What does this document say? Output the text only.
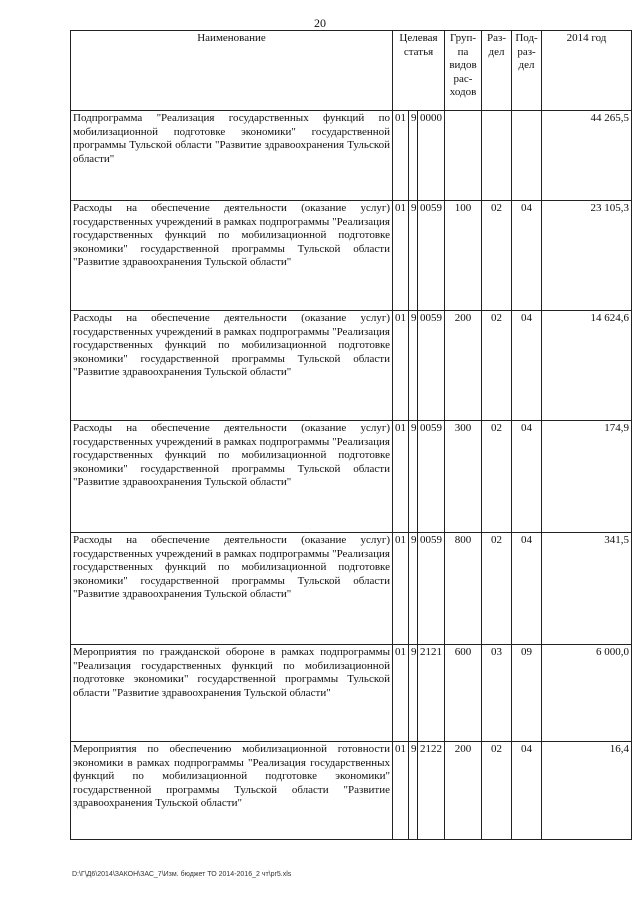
20
Наименование	Целевая статья			Груп-па видов рас-ходов	Раз-дел	Под-раз-дел	2014 год
Подпрограмма "Реализация государственных функций по мобилизационной подготовке экономики" государственной программы Тульской области "Развитие здравоохранения Тульской области"	01	9	0000				44 265,5
Расходы на обеспечение деятельности (оказание услуг) государственных учреждений в рамках подпрограммы "Реализация государственных функций по мобилизационной подготовке экономики" государственной программы Тульской области "Развитие здравоохранения Тульской области"	01	9	0059	100	02	04	23 105,3
Расходы на обеспечение деятельности (оказание услуг) государственных учреждений в рамках подпрограммы "Реализация государственных функций по мобилизационной подготовке экономики" государственной программы Тульской области "Развитие здравоохранения Тульской области"	01	9	0059	200	02	04	14 624,6
Расходы на обеспечение деятельности (оказание услуг) государственных учреждений в рамках подпрограммы "Реализация государственных функций по мобилизационной подготовке экономики" государственной программы Тульской области "Развитие здравоохранения Тульской области"	01	9	0059	300	02	04	174,9
Расходы на обеспечение деятельности (оказание услуг) государственных учреждений в рамках подпрограммы "Реализация государственных функций по мобилизационной подготовке экономики" государственной программы Тульской области "Развитие здравоохранения Тульской области"	01	9	0059	800	02	04	341,5
Мероприятия по гражданской обороне в рамках подпрограммы "Реализация государственных функций по мобилизационной подготовке экономики" государственной программы Тульской области "Развитие здравоохранения Тульской области"	01	9	2121	600	03	09	6 000,0
Мероприятия по обеспечению мобилизационной готовности экономики в рамках подпрограммы "Реализация государственных функций по мобилизационной подготовке экономики" государственной программы Тульской области "Развитие здравоохранения Тульской области"	01	9	2122	200	02	04	16,4
D:\Г\Д6\2014\ЗАКОН\ЗАС_7\Изм. бюджет ТО 2014-2016_2 чт\pr5.xls
